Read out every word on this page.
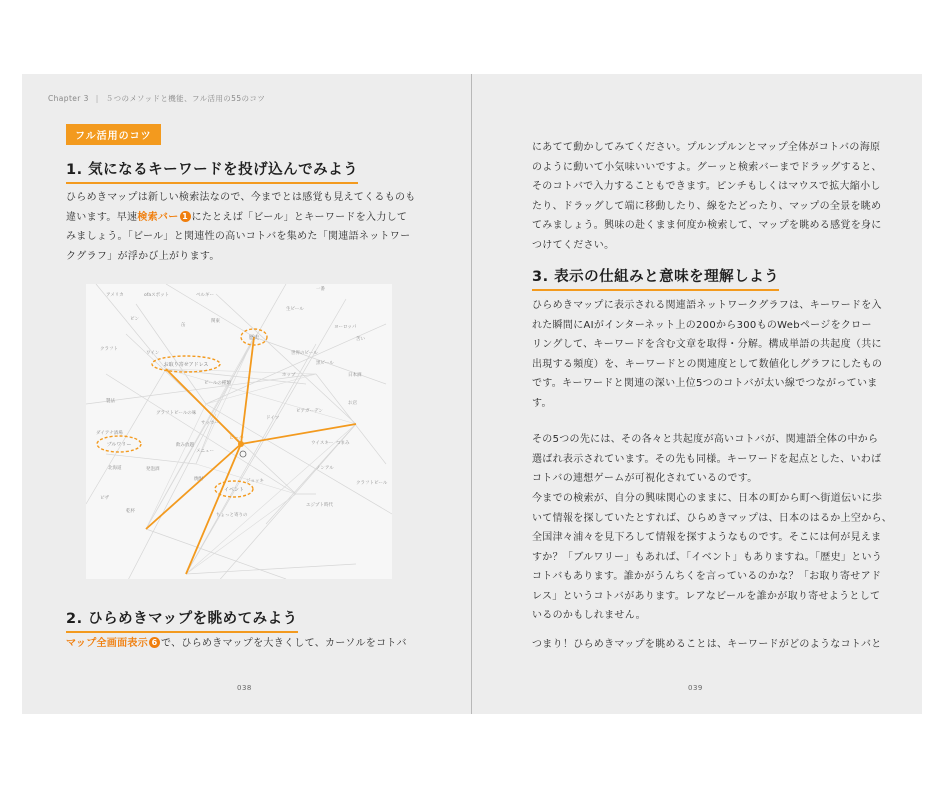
Chapter 3 | ５つのメソッドと機能、フル活用の55のコツ
フル活用のコツ
1. 気になるキーワードを投げ込んでみよう
ひらめきマップは新しい検索法なので、今までとは感覚も見えてくるものも
違います。早速検索バー 1 にたとえば「ビール」とキーワードを入力して
みましょう。「ビール」と関連性の高いコトバを集めた「関連語ネットワー
クグラフ」が浮かび上がります。
アメリカ	ofaスポット	ベルギー
一番
ビン
缶
関東
生ビール
ヨーロッパ
苦い
クラフト
ワイン	世界のビール
黒ビール
日本酒
ビールの種類
ホップ
製法
グラフトビールの味
サッカー
ドイツ
ビアガーデン
お店
ダイアナ酒場
飲み放題
メニュー
ウイスキー つまみ
北海道	発泡酒
焼酎	ジョッキ
ノンアル
クラフトビール
ピザ
乾杯
ちょっと寄りの
エジプト時代
ブルワリー
お取り寄せアドレス
歴史
イベント
ビール
2. ひらめきマップを眺めてみよう
マップ全画面表示 6 で、ひらめきマップを大きくして、カーソルをコトバ
038
にあてて動かしてみてください。プルンプルンとマップ全体がコトバの海原
のように動いて小気味いいですよ。グーッと検索バーまでドラッグすると、
そのコトバで入力することもできます。ピンチもしくはマウスで拡大縮小し
たり、ドラッグして端に移動したり、線をたどったり、マップの全景を眺め
てみましょう。興味の赴くまま何度か検索して、マップを眺める感覚を身に
つけてください。
3. 表示の仕組みと意味を理解しよう
ひらめきマップに表示される関連語ネットワークグラフは、キーワードを入
れた瞬間にAIがインターネット上の200から300ものWebページをクロー
リングして、キーワードを含む文章を取得・分解。構成単語の共起度（共に
出現する頻度）を、キーワードとの関連度として数値化しグラフにしたもの
です。キーワードと関連の深い上位5つのコトバが太い線でつながっていま
す。
その5つの先には、その各々と共起度が高いコトバが、関連語全体の中から
選ばれ表示されています。その先も同様。キーワードを起点とした、いわば
コトバの連想ゲームが可視化されているのです。
今までの検索が、自分の興味関心のままに、日本の町から町へ街道伝いに歩
いて情報を探していたとすれば、ひらめきマップは、日本のはるか上空から、
全国津々浦々を見下ろして情報を探すようなものです。そこには何が見えま
すか？「ブルワリー」もあれば、「イベント」もありますね。「歴史」という
コトバもあります。誰かがうんちくを言っているのかな？「お取り寄せアド
レス」というコトバがあります。レアなビールを誰かが取り寄せようとして
いるのかもしれません。
つまり！ひらめきマップを眺めることは、キーワードがどのようなコトバと
039
